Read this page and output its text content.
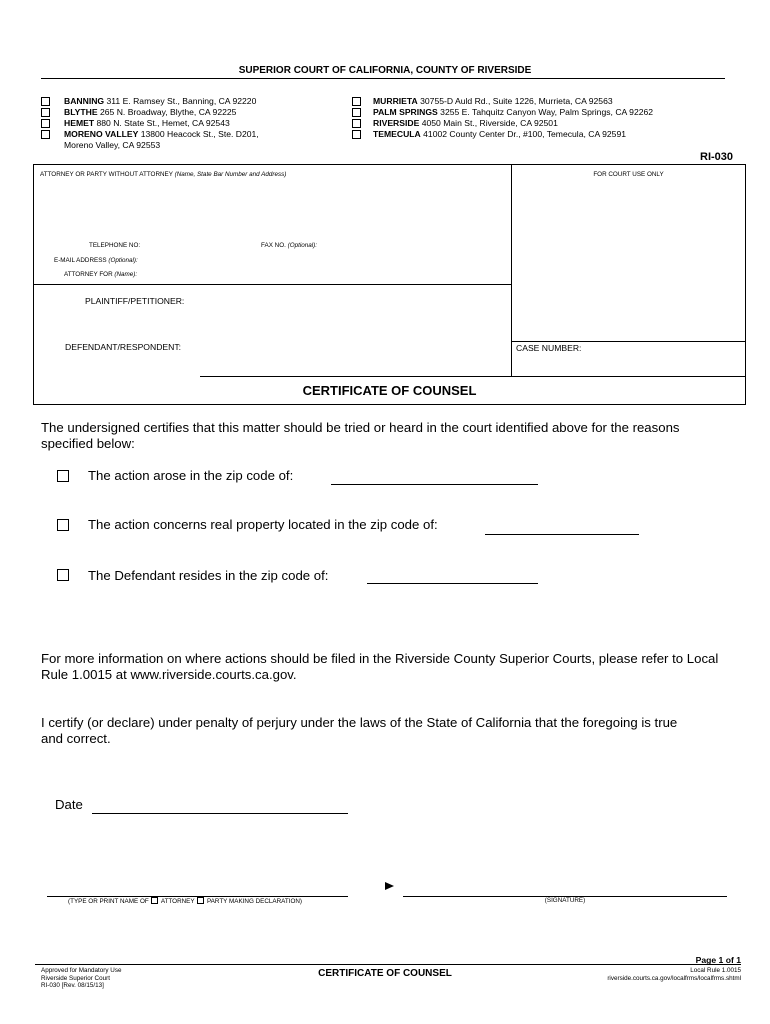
SUPERIOR COURT OF CALIFORNIA, COUNTY OF RIVERSIDE
BANNING 311 E. Ramsey St., Banning, CA 92220
BLYTHE 265 N. Broadway, Blythe, CA 92225
HEMET 880 N. State St., Hemet, CA 92543
MORENO VALLEY 13800 Heacock St., Ste. D201,
Moreno Valley, CA 92553
MURRIETA 30755-D Auld Rd., Suite 1226, Murrieta, CA 92563
PALM SPRINGS 3255 E. Tahquitz Canyon Way, Palm Springs, CA 92262
RIVERSIDE 4050 Main St., Riverside, CA 92501
TEMECULA 41002 County Center Dr., #100, Temecula, CA 92591
RI-030
ATTORNEY OR PARTY WITHOUT ATTORNEY (Name, State Bar Number and Address)	FOR COURT USE ONLY
TELEPHONE NO:	FAX NO. (Optional):
E-MAIL ADDRESS (Optional):
ATTORNEY FOR (Name):
PLAINTIFF/PETITIONER:
DEFENDANT/RESPONDENT:	CASE NUMBER:
CERTIFICATE OF COUNSEL
The undersigned certifies that this matter should be tried or heard in the court identified above for the reasons specified below:
The action arose in the zip code of:
The action concerns real property located in the zip code of:
The Defendant resides in the zip code of:
For more information on where actions should be filed in the Riverside County Superior Courts, please refer to Local Rule 1.0015 at www.riverside.courts.ca.gov.
I certify (or declare) under penalty of perjury under the laws of the State of California that the foregoing is true and correct.
Date
(TYPE OR PRINT NAME OF ATTORNEY PARTY MAKING DECLARATION)	(SIGNATURE)
Page 1 of 1
Approved for Mandatory Use
Riverside Superior Court
RI-030 [Rev. 08/15/13]
CERTIFICATE OF COUNSEL	Local Rule 1.0015
riverside.courts.ca.gov/localfrms/localfrms.shtml
